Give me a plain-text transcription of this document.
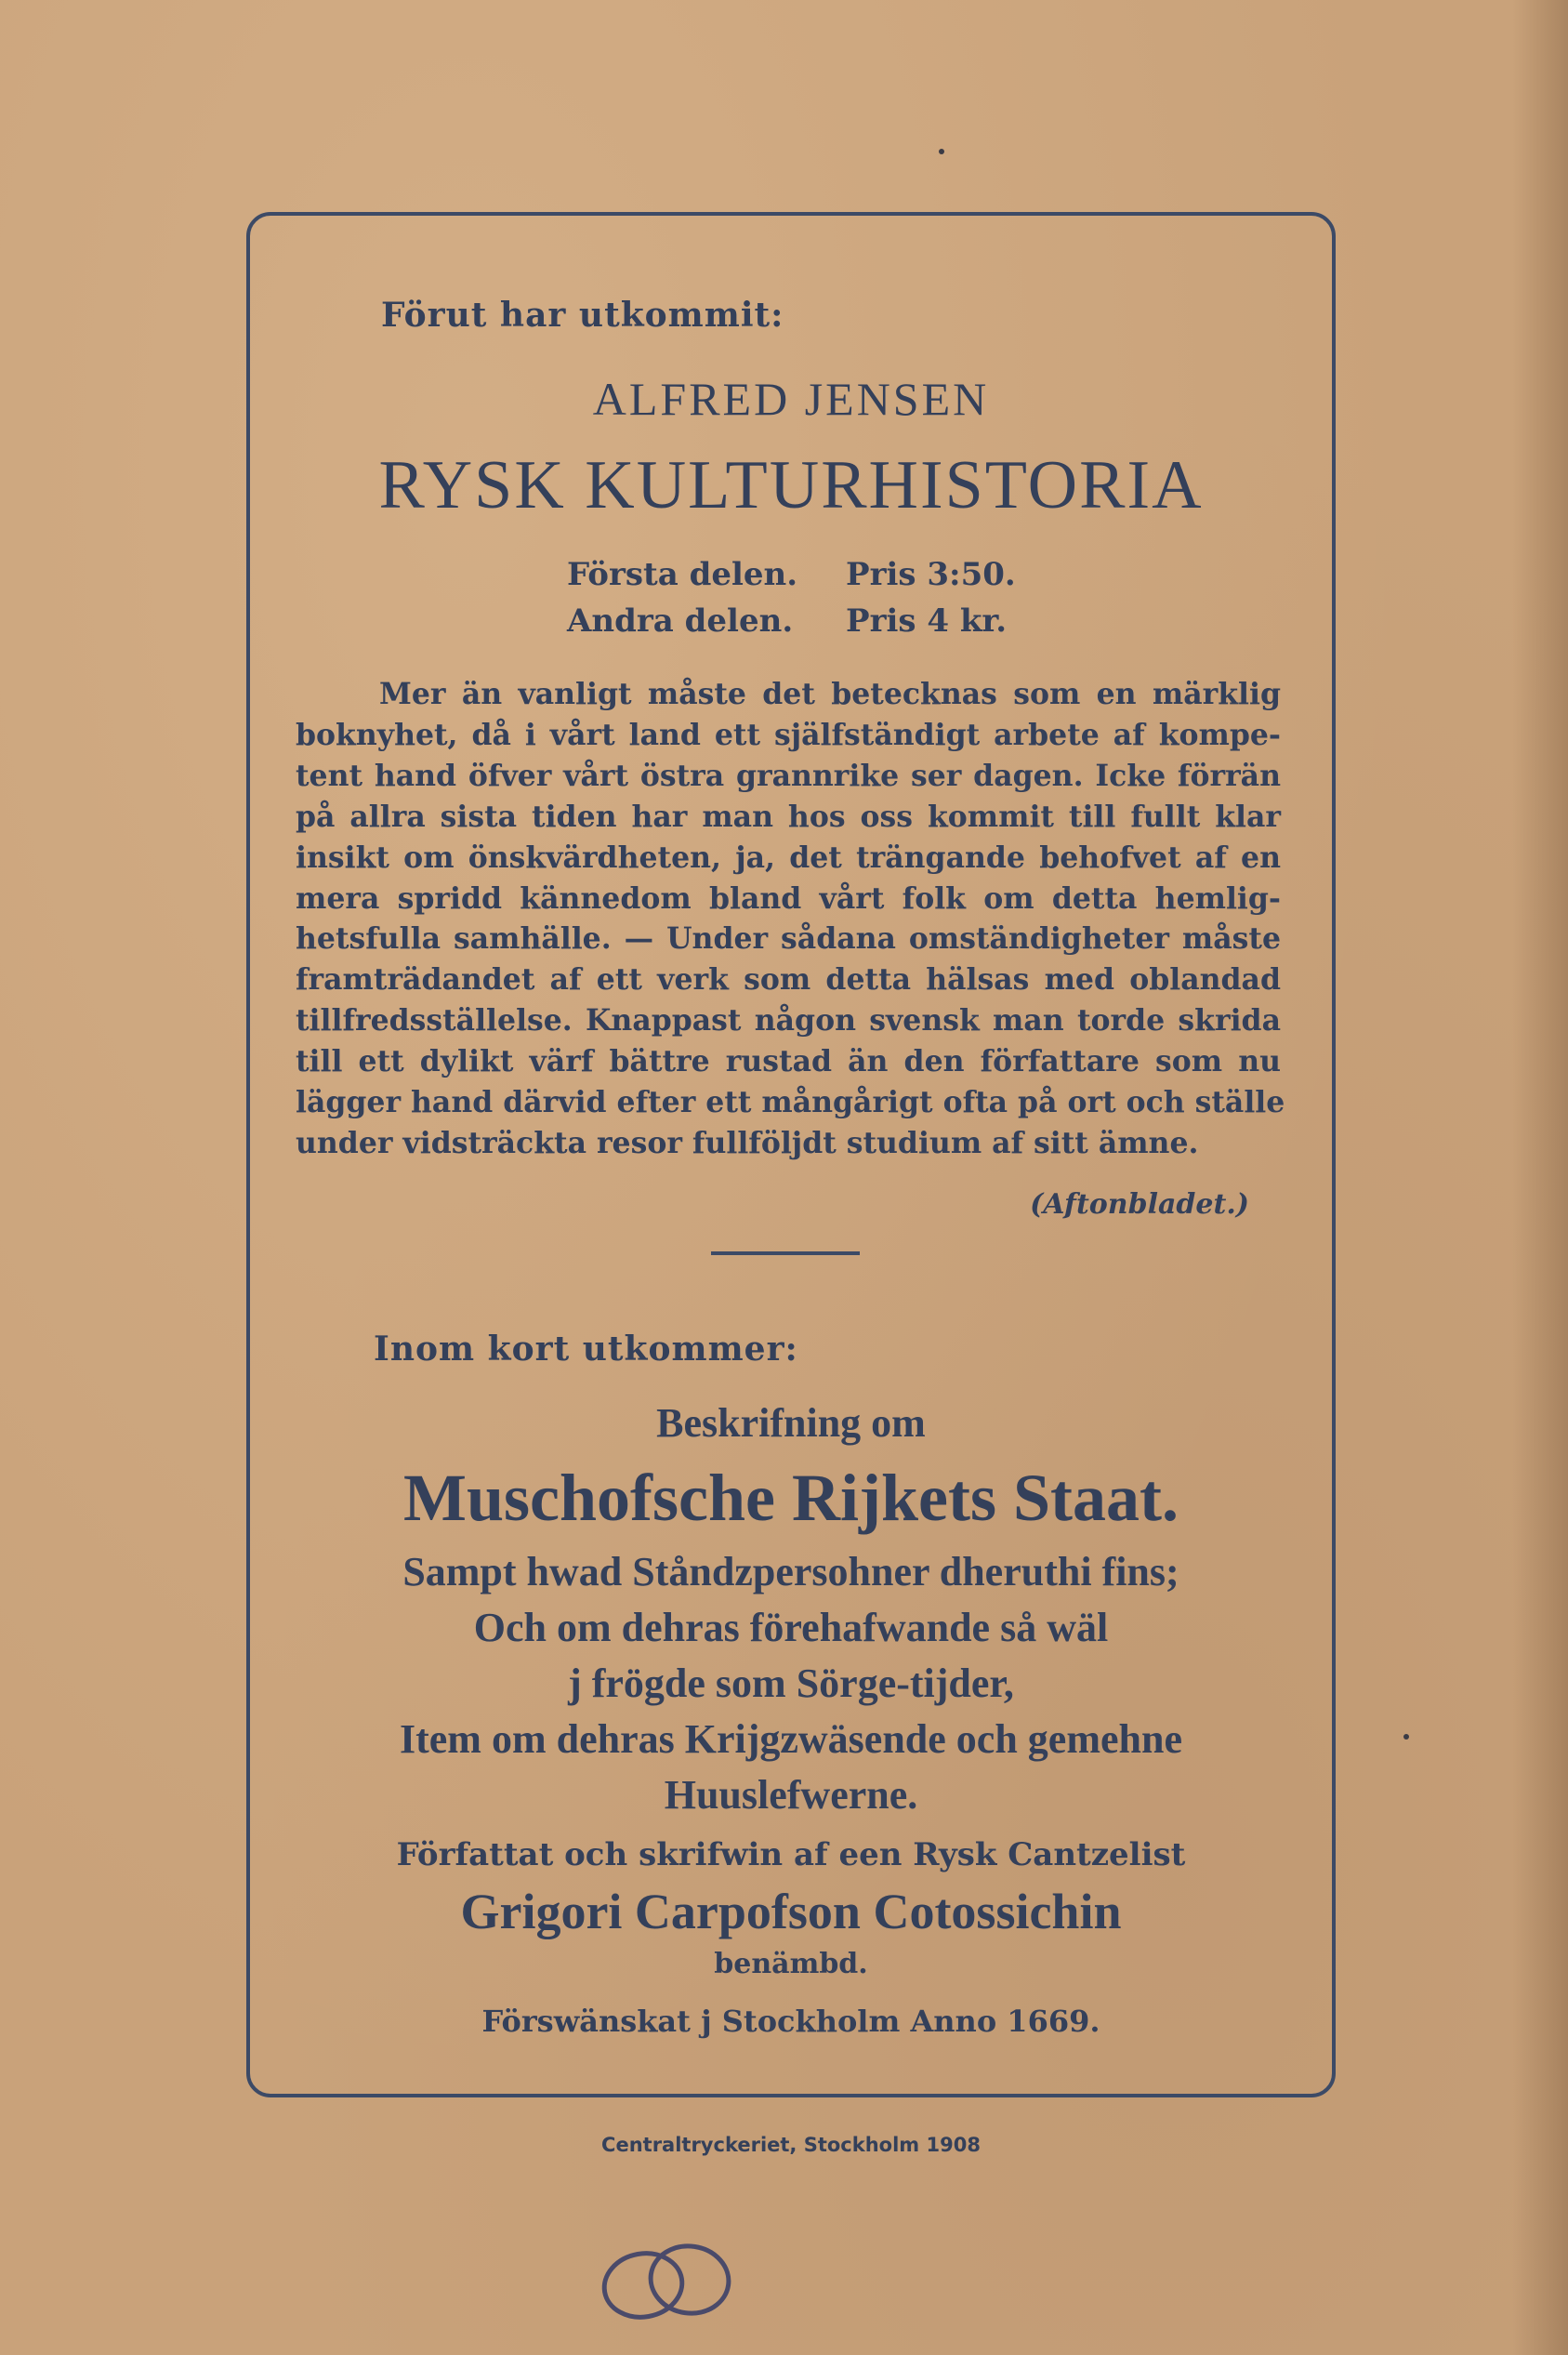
Förut har utkommit:

ALFRED JENSEN

RYSK KULTURHISTORIA

Första delen. Pris 3:50.
Andra delen. Pris 4 kr.
Mer än vanligt måste det betecknas som en märklig
boknyhet, då i vårt land ett själfständigt arbete af kompe-
tent hand öfver vårt östra grannrike ser dagen. Icke förrän
på allra sista tiden har man hos oss kommit till fullt klar
insikt om önskvärdheten, ja, det trängande behofvet af en
mera spridd kännedom bland vårt folk om detta hemlig-
hetsfulla samhälle. — Under sådana omständigheter måste
framträdandet af ett verk som detta hälsas med oblandad
tillfredsställelse. Knappast någon svensk man torde skrida
till ett dylikt värf bättre rustad än den författare som nu
lägger hand därvid efter ett mångårigt ofta på ort och ställe
under vidsträckta resor fullföljdt studium af sitt ämne.

(Aftonbladet.)

Inom kort utkommer:

Beskrifning om

Muschofsche Rijkets Staat.

Sampt hwad Ståndzpersohner dheruthi fins;

Och om dehras förehafwande så wäl

j frögde som Sörge-tijder,

Item om dehras Krijgzwäsende och gemehne

Huuslefwerne.

Författat och skrifwin af een Rysk Cantzelist

Grigori Carpofson Cotossichin

benämbd.

Förswänskat j Stockholm Anno 1669.

Centraltryckeriet, Stockholm 1908
